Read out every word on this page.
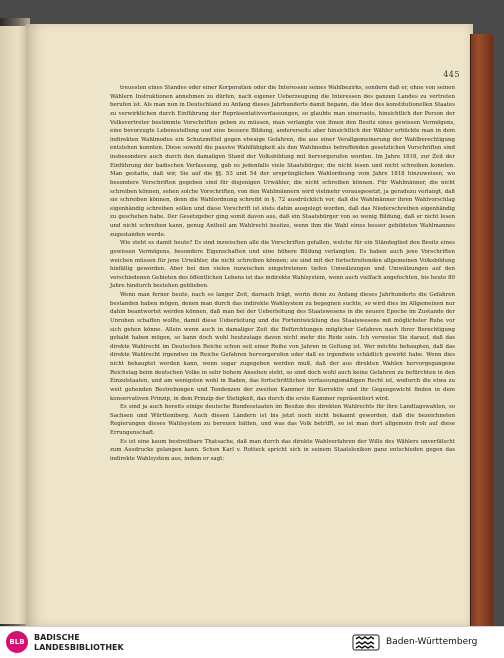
445

treuesten eines Standes oder einer Korporation oder die Interessen seines Wahlbezirks, sondern daß er, ohne von seinen Wählern Instruktionen annehmen zu dürfen, nach eigener Ueberzeugung die Interessen des ganzen Landes zu vertreten berufen ist. Als man nun in Deutschland zu Anfang dieses Jahrhunderts damit begann, die Idee des konstitutionellen Staates zu verwirklichen durch Einführung der Repräsentativverfassungen, so glaubte man einerseits, hinsichtlich der Person der Volksvertreter bestimmte Vorschriften geben zu müssen, man verlangte von ihnen den Besitz eines gewissen Vermögens, eine bevorzugte Lebensstellung und eine bessere Bildung, andererseits aber hinsichtlich der Wähler erblickte man in dem indirekten Wahlmodus ein Schutzmittel gegen etwaige Gefahren, die aus einer Verallgemeinerung der Wahlberechtigung entstehen konnten. Diese sowohl die passive Wahlfähigkeit als den Wahlmodus betreffenden gesetzlichen Vorschriften sind insbesondere auch durch den damaligen Stand der Volksbildung mit hervorgerufen worden. Im Jahre 1818, zur Zeit der Einführung der badischen Verfassung, gab es jedenfalls viele Staatsbürger, die nicht lesen und nicht schreiben konnten. Man gestatte, daß wir, Sie auf die §§. 53 und 54 der ursprünglichen Wahlordnung vom Jahre 1818 hinzuweisen, wo besondere Vorschriften gegeben sind für diejenigen Urwähler, die nicht schreiben können. Für Wahlmänner, die nicht schreiben können, sehen solche Vorschriften, von den Wahlmännern wird vielmehr vorausgesetzt, ja geradezu verlangt, daß sie schreiben können, denn die Wahlordnung schreibt in §. 72 ausdrücklich vor, daß die Wahlmänner ihren Wahlvorschlag eigenhändig schreiben sollen und diese Vorschrift ist stets dahin ausgelegt worden, daß das Niederschreiben eigenhändig zu geschehen habe. Der Gesetzgeber ging somit davon aus, daß ein Staatsbürger von so wenig Bildung, daß er nicht lesen und nicht schreiben kann, genug Antheil am Wahlrecht besitze, wenn ihm die Wahl eines besser gebildeten Wahlmannes zugestanden werde.

Wie steht es damit heute? Es sind inzwischen alle die Vorschriften gefallen, welche für ein Ständeglied den Besitz eines gewissen Vermögens, besondere Eigenschaften und eine höhere Bildung verlangten. Es haben auch jene Vorschriften weichen müssen für jene Urwähler, die nicht schreiben können; sie sind mit der fortschreitenden allgemeinen Volksbildung hinfällig geworden. Aber bei den vielen inzwischen eingetretenen tiefen Umwälzungen und Umwälzungen auf den verschiedenen Gebieten des öffentlichen Lebens ist das indirekte Wahlsystem, wenn auch vielfach angefochten, bis heute 80 Jahre hindurch bestehen geblieben.

Wenn man ferner heute, nach so langer Zeit, darnach frägt, worin denn zu Anfang dieses Jahrhunderts die Gefahren bestanden haben mögen, denen man durch das indirekte Wahlsystem zu begegnen suchte, so wird dies im Allgemeinen nur dahin beantwortet werden können, daß man bei der Ueberleitung des Staatswesens in die neuere Epoche im Zustande der Unruhen schaffen wollte, damit diese Ueberleitung und die Fortentwicklung des Staatswesens mit möglichster Ruhe vor sich gehen könne. Allein wenn auch in damaliger Zeit die Befürchtungen möglicher Gefahren nach ihrer Berechtigung gehabt haben mögen, so kann doch wohl heutzutage davon nicht mehr die Rede sein. Ich verweise Sie darauf, daß das direkte Wahlrecht im Deutschen Reiche schon seit einer Reihe von Jahren in Geltung ist. Wer möchte behaupten, daß das direkte Wahlrecht irgendwo im Reiche Gefahren hervorgerufen oder daß es irgendwie schädlich gewirkt habe. Wenn dies nicht behauptet werden kann, wenn sogar zugegeben werden muß, daß der aus direkten Wahlen hervorgegangene Reichstag beim deutschen Volke in sehr hohem Ansehen steht, so sind doch wohl auch keine Gefahren zu befürchten in den Einzelstaaten, und am wenigsten wohl in Baden, das fortschrittlichen verfassungsmäßigen Recht ist, wodurch die etwa zu weit gehenden Bestrebungen und Tendenzen der zweiten Kammer ihr Korrektiv und ihr Gegengewicht finden in dem konservativen Prinzip, in dem Prinzip der Stetigkeit, das durch die erste Kammer repräsentiert wird.

Es sind ja auch bereits einige deutsche Bundesstaaten im Besitze des direkten Wahlrechts für ihre Landtagswahlen, so Sachsen und Württemberg. Auch diesen Ländern ist bis jetzt noch nicht bekannt geworden, daß die bezeichneten Regierungen dieses Wahlsystem zu bereuen hätten, und was das Volk betrifft, so ist man dort allgemein froh auf diese Errungenschaft.

Es ist eine kaum bestreitbare Thatsache, daß man durch das direkte Wahlverfahren der Wille des Wählers unverfälscht zum Ausdrucke gelangen kann. Schon Karl v. Rotteck spricht sich in seinem Staatslexikon ganz entschieden gegen das indirekte Wahlsystem aus, indem er sagt:

BLB	BADISCHE
LANDESBIBLIOTHEK
Baden-Württemberg
